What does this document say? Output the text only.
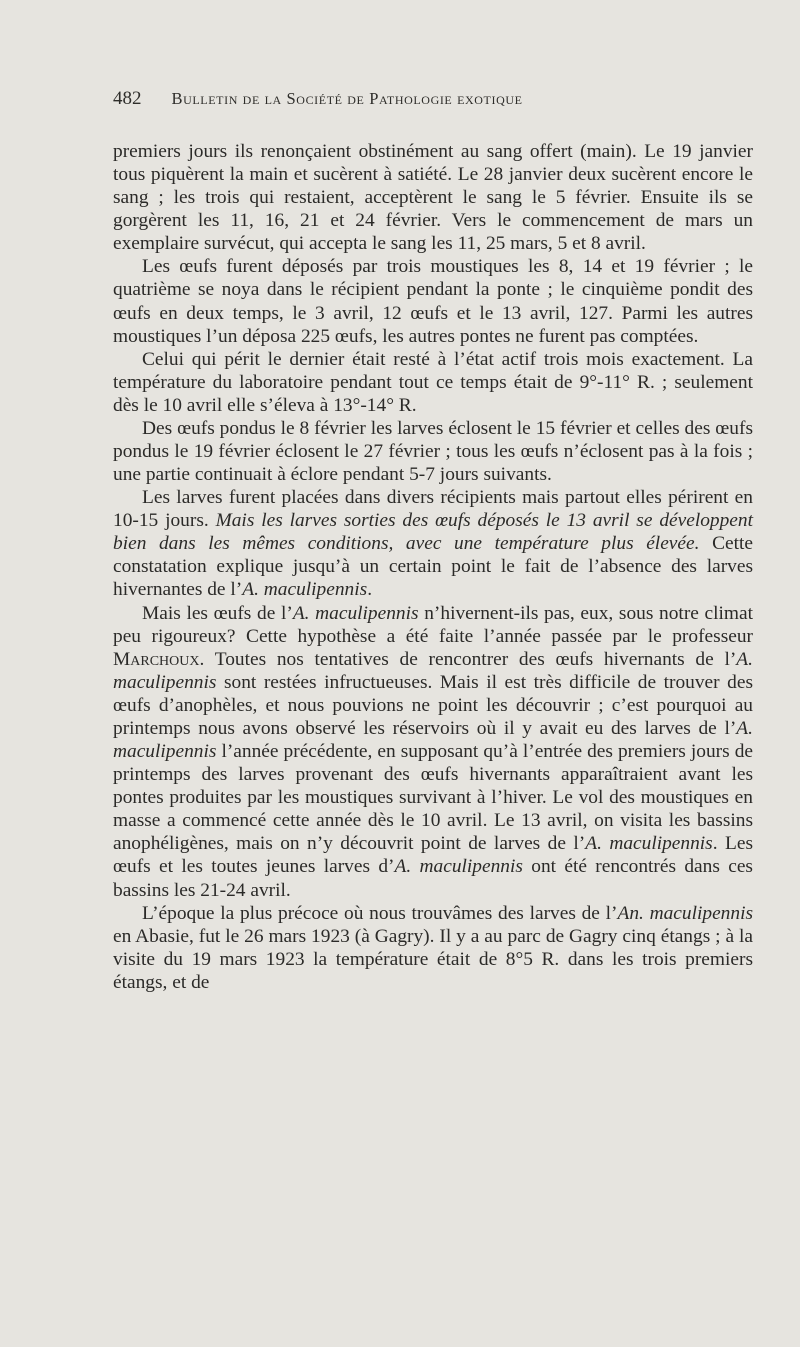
482 Bulletin de la Société de Pathologie exotique

premiers jours ils renonçaient obstinément au sang offert (main). Le 19 janvier tous piquèrent la main et sucèrent à satiété. Le 28 janvier deux sucèrent encore le sang ; les trois qui restaient, acceptèrent le sang le 5 février. Ensuite ils se gorgèrent les 11, 16, 21 et 24 février. Vers le commencement de mars un exemplaire survécut, qui accepta le sang les 11, 25 mars, 5 et 8 avril.

Les œufs furent déposés par trois moustiques les 8, 14 et 19 février ; le quatrième se noya dans le récipient pendant la ponte ; le cinquième pondit des œufs en deux temps, le 3 avril, 12 œufs et le 13 avril, 127. Parmi les autres moustiques l’un déposa 225 œufs, les autres pontes ne furent pas comptées.

Celui qui périt le dernier était resté à l’état actif trois mois exactement. La température du laboratoire pendant tout ce temps était de 9°-11° R. ; seulement dès le 10 avril elle s’éleva à 13°-14° R.

Des œufs pondus le 8 février les larves éclosent le 15 février et celles des œufs pondus le 19 février éclosent le 27 février ; tous les œufs n’éclosent pas à la fois ; une partie continuait à éclore pendant 5-7 jours suivants.

Les larves furent placées dans divers récipients mais partout elles périrent en 10-15 jours. Mais les larves sorties des œufs déposés le 13 avril se développent bien dans les mêmes conditions, avec une température plus élevée. Cette constatation explique jusqu’à un certain point le fait de l’absence des larves hivernantes de l’A. maculipennis.

Mais les œufs de l’A. maculipennis n’hivernent-ils pas, eux, sous notre climat peu rigoureux? Cette hypothèse a été faite l’année passée par le professeur Marchoux. Toutes nos tentatives de rencontrer des œufs hivernants de l’A. maculipennis sont restées infructueuses. Mais il est très difficile de trouver des œufs d’anophèles, et nous pouvions ne point les découvrir ; c’est pourquoi au printemps nous avons observé les réservoirs où il y avait eu des larves de l’A. maculipennis l’année précédente, en supposant qu’à l’entrée des premiers jours de printemps des larves provenant des œufs hivernants apparaîtraient avant les pontes produites par les moustiques survivant à l’hiver. Le vol des moustiques en masse a commencé cette année dès le 10 avril. Le 13 avril, on visita les bassins anophéligènes, mais on n’y découvrit point de larves de l’A. maculipennis. Les œufs et les toutes jeunes larves d’A. maculipennis ont été rencontrés dans ces bassins les 21-24 avril.

L’époque la plus précoce où nous trouvâmes des larves de l’An. maculipennis en Abasie, fut le 26 mars 1923 (à Gagry). Il y a au parc de Gagry cinq étangs ; à la visite du 19 mars 1923 la température était de 8°5 R. dans les trois premiers étangs, et de
